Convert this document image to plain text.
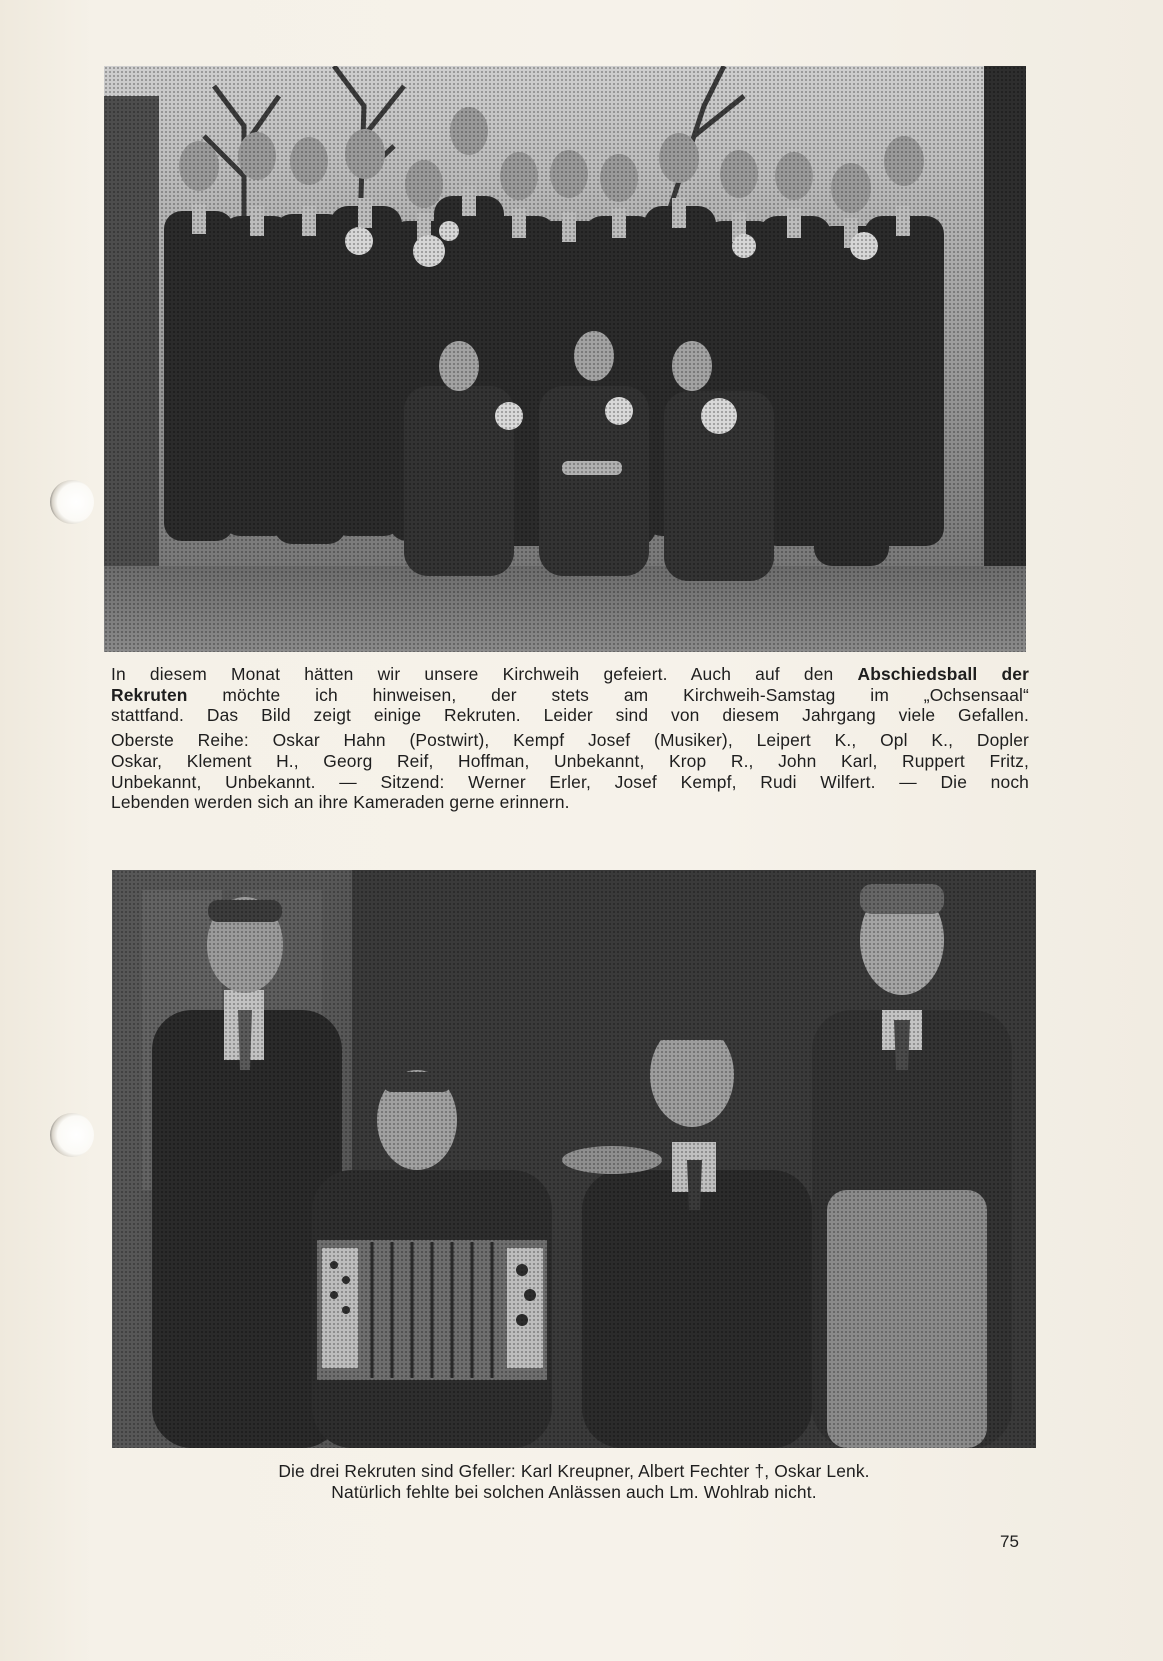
In diesem Monat hätten wir unsere Kirchweih gefeiert. Auch auf den Abschiedsball der
Rekruten möchte ich hinweisen, der stets am Kirchweih-Samstag im „Ochsensaal“
stattfand. Das Bild zeigt einige Rekruten. Leider sind von diesem Jahrgang viele Gefallen.
Oberste Reihe: Oskar Hahn (Postwirt), Kempf Josef (Musiker), Leipert K., Opl K., Dopler
Oskar, Klement H., Georg Reif, Hoffman, Unbekannt, Krop R., John Karl, Ruppert Fritz,
Unbekannt, Unbekannt. — Sitzend: Werner Erler, Josef Kempf, Rudi Wilfert. — Die noch
Lebenden werden sich an ihre Kameraden gerne erinnern.
Die drei Rekruten sind Gfeller: Karl Kreupner, Albert Fechter †, Oskar Lenk.
Natürlich fehlte bei solchen Anlässen auch Lm. Wohlrab nicht.
75
